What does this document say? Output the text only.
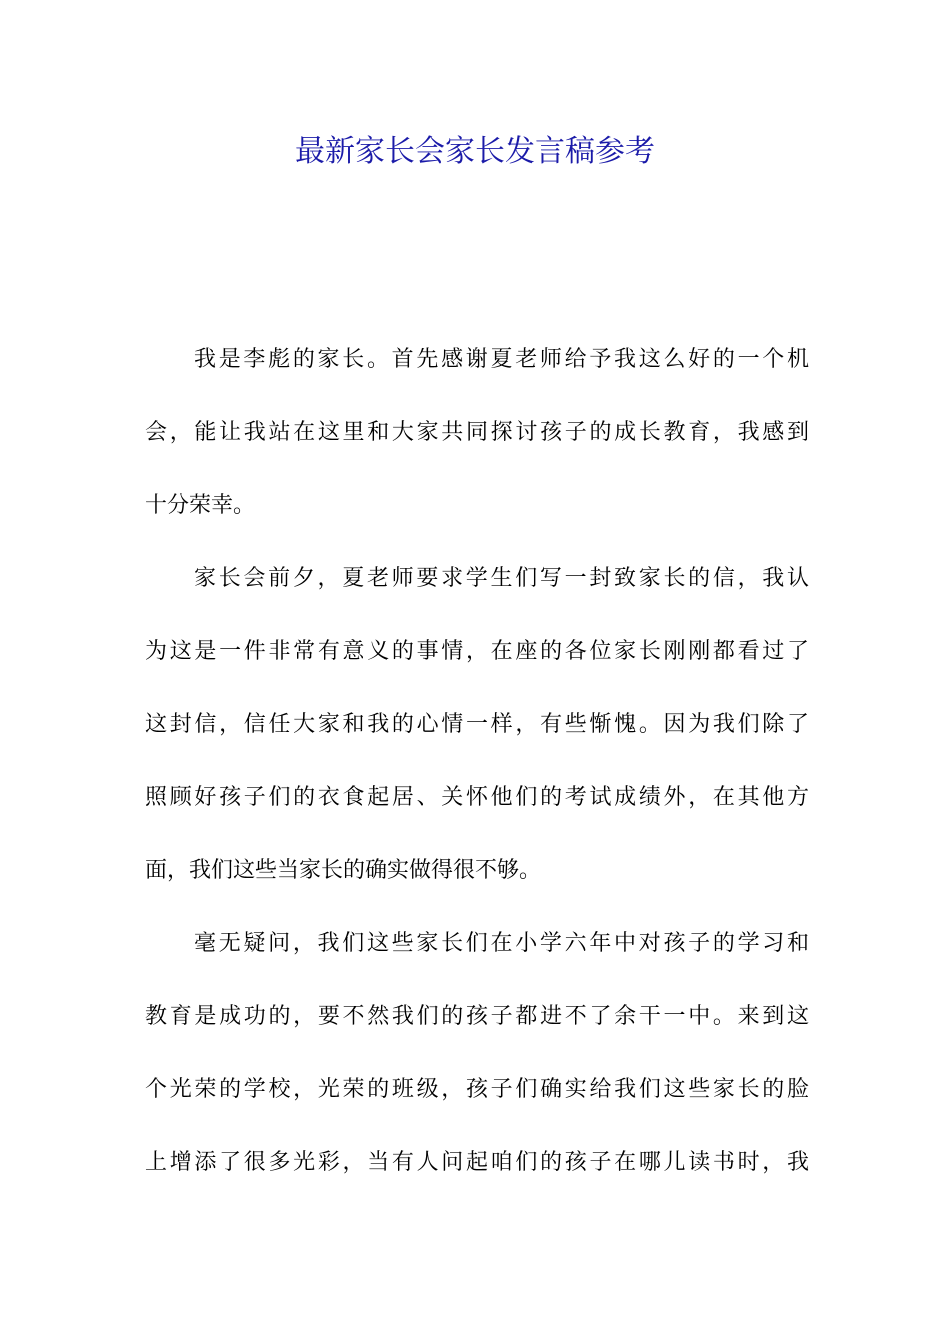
最新家长会家长发言稿参考
我是李彪的家长。首先感谢夏老师给予我这么好的一个机
会，能让我站在这里和大家共同探讨孩子的成长教育，我感到
十分荣幸。
家长会前夕，夏老师要求学生们写一封致家长的信，我认
为这是一件非常有意义的事情，在座的各位家长刚刚都看过了
这封信，信任大家和我的心情一样，有些惭愧。因为我们除了
照顾好孩子们的衣食起居、关怀他们的考试成绩外，在其他方
面，我们这些当家长的确实做得很不够。
毫无疑问，我们这些家长们在小学六年中对孩子的学习和
教育是成功的，要不然我们的孩子都进不了余干一中。来到这
个光荣的学校，光荣的班级，孩子们确实给我们这些家长的脸
上增添了很多光彩，当有人问起咱们的孩子在哪儿读书时，我
